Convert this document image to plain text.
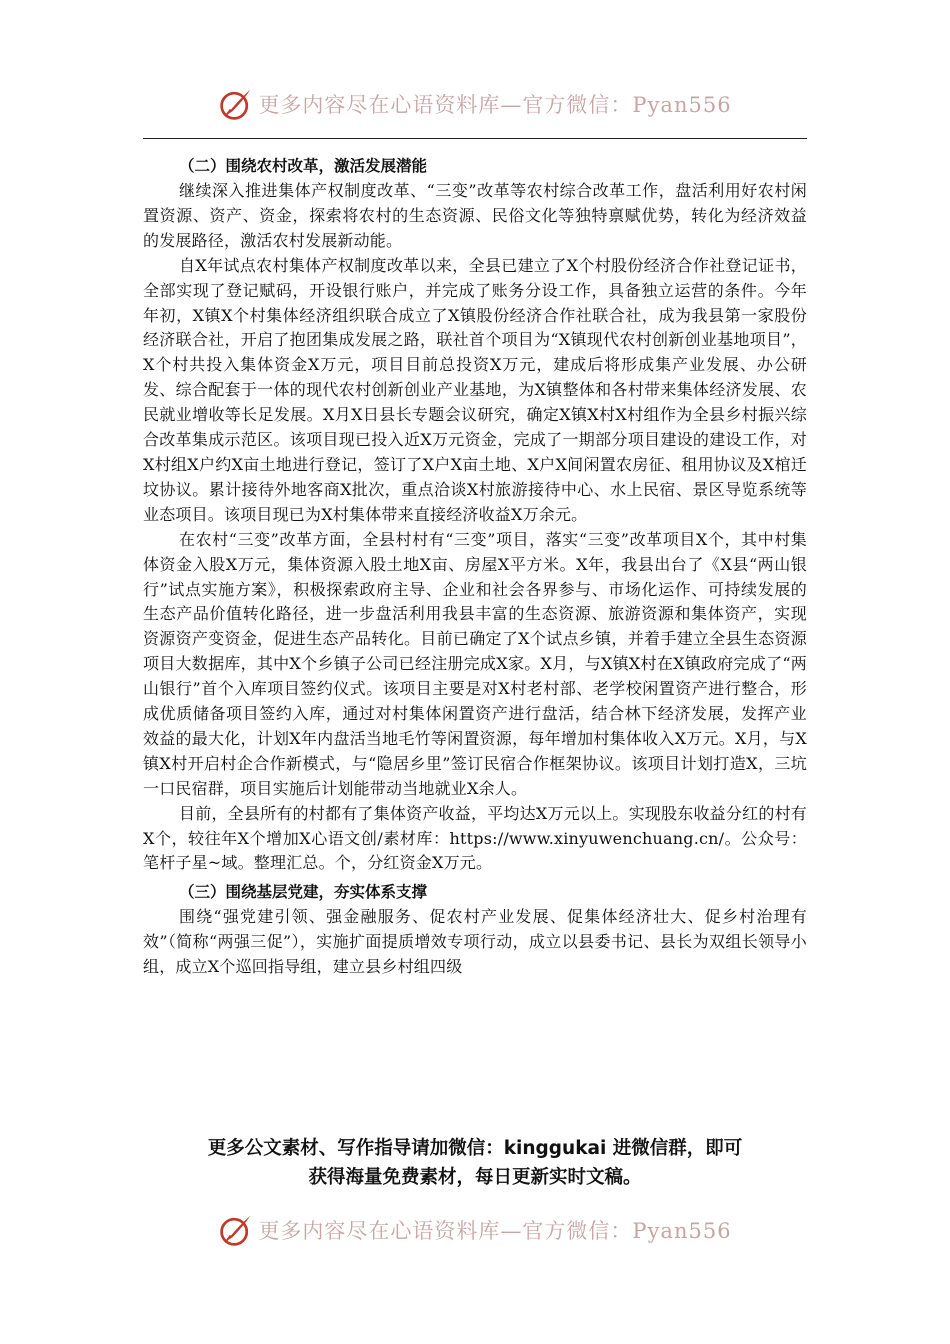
更多内容尽在心语资料库—官方微信：Pyan556

（二）围绕农村改革，激活发展潜能

继续深入推进集体产权制度改革、“三变”改革等农村综合改革工作，盘活利用好农村闲置资源、资产、资金，探索将农村的生态资源、民俗文化等独特禀赋优势，转化为经济效益的发展路径，激活农村发展新动能。

自X年试点农村集体产权制度改革以来，全县已建立了X个村股份经济合作社登记证书，全部实现了登记赋码，开设银行账户，并完成了账务分设工作，具备独立运营的条件。今年年初，X镇X个村集体经济组织联合成立了X镇股份经济合作社联合社，成为我县第一家股份经济联合社，开启了抱团集成发展之路，联社首个项目为“X镇现代农村创新创业基地项目”，X个村共投入集体资金X万元，项目目前总投资X万元，建成后将形成集产业发展、办公研发、综合配套于一体的现代农村创新创业产业基地，为X镇整体和各村带来集体经济发展、农民就业增收等长足发展。X月X日县长专题会议研究，确定X镇X村X村组作为全县乡村振兴综合改革集成示范区。该项目现已投入近X万元资金，完成了一期部分项目建设的建设工作，对X村组X户约X亩土地进行登记，签订了X户X亩土地、X户X间闲置农房征、租用协议及X棺迁坟协议。累计接待外地客商X批次，重点洽谈X村旅游接待中心、水上民宿、景区导览系统等业态项目。该项目现已为X村集体带来直接经济收益X万余元。

在农村“三变”改革方面，全县村村有“三变”项目，落实“三变”改革项目X个，其中村集体资金入股X万元，集体资源入股土地X亩、房屋X平方米。X年，我县出台了《X县“两山银行”试点实施方案》，积极探索政府主导、企业和社会各界参与、市场化运作、可持续发展的生态产品价值转化路径，进一步盘活利用我县丰富的生态资源、旅游资源和集体资产，实现资源资产变资金，促进生态产品转化。目前已确定了X个试点乡镇，并着手建立全县生态资源项目大数据库，其中X个乡镇子公司已经注册完成X家。X月，与X镇X村在X镇政府完成了“两山银行”首个入库项目签约仪式。该项目主要是对X村老村部、老学校闲置资产进行整合，形成优质储备项目签约入库，通过对村集体闲置资产进行盘活，结合林下经济发展，发挥产业效益的最大化，计划X年内盘活当地毛竹等闲置资源，每年增加村集体收入X万元。X月，与X镇X村开启村企合作新模式，与“隐居乡里”签订民宿合作框架协议。该项目计划打造X，三坑一口民宿群，项目实施后计划能带动当地就业X余人。

目前，全县所有的村都有了集体资产收益，平均达X万元以上。实现股东收益分红的村有X个，较往年X个增加X心语文创/素材库：https://www.xinyuwenchuang.cn/。公众号：笔杆子星~域。整理汇总。个，分红资金X万元。

（三）围绕基层党建，夯实体系支撑

围绕“强党建引领、强金融服务、促农村产业发展、促集体经济壮大、促乡村治理有效”（简称“两强三促”），实施扩面提质增效专项行动，成立以县委书记、县长为双组长领导小组，成立X个巡回指导组，建立县乡村组四级

更多公文素材、写作指导请加微信：kinggukai 进微信群，即可
获得海量免费素材，每日更新实时文稿。
更多内容尽在心语资料库—官方微信：Pyan556
